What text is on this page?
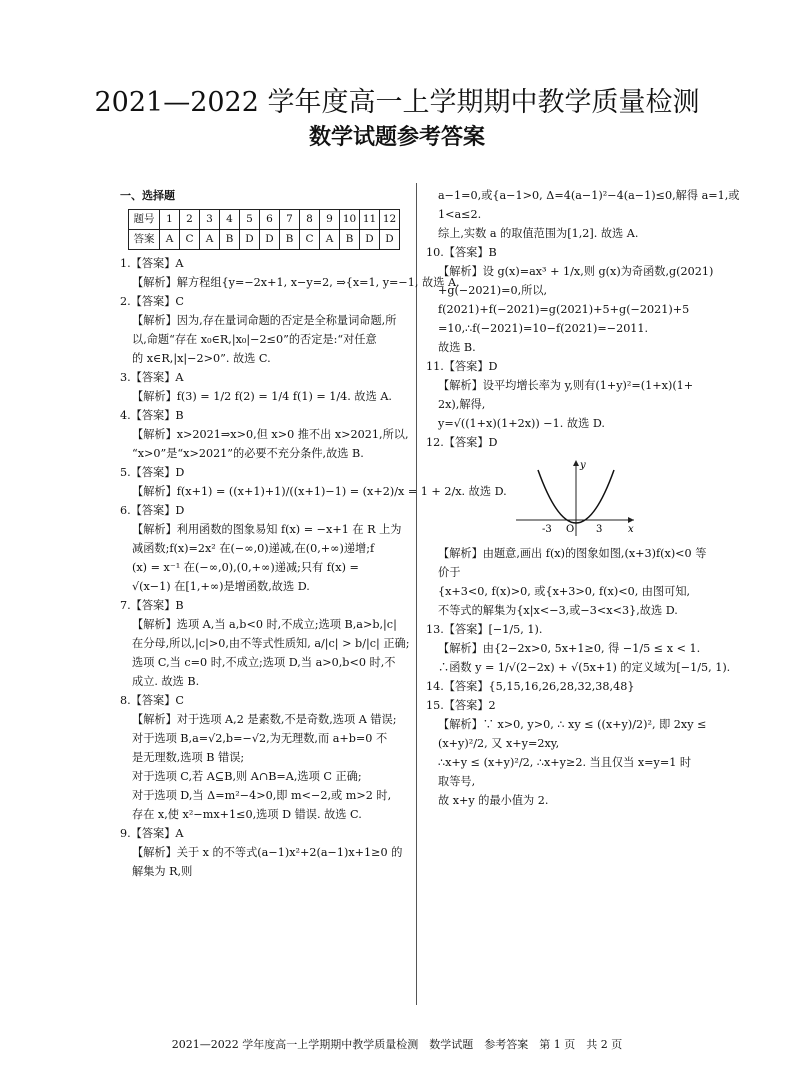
2021—2022 学年度高一上学期期中教学质量检测
数学试题参考答案
一、选择题
题号	1	2	3	4	5	6	7	8	9	10	11	12
答案	A	C	A	B	D	D	B	C	A	B	D	D
1.【答案】A
【解析】解方程组{y=−2x+1, x−y=2, ⇒{x=1, y=−1, 故选 A.
2.【答案】C
【解析】因为,存在量词命题的否定是全称量词命题,所
以,命题“存在 x₀∈R,|x₀|−2≤0”的否定是:“对任意
的 x∈R,|x|−2>0”. 故选 C.
3.【答案】A
【解析】f(3) = 1/2 f(2) = 1/4 f(1) = 1/4. 故选 A.
4.【答案】B
【解析】x>2021⇒x>0,但 x>0 推不出 x>2021,所以,
“x>0”是“x>2021”的必要不充分条件,故选 B.
5.【答案】D
【解析】f(x+1) = ((x+1)+1)/((x+1)−1) = (x+2)/x = 1 + 2/x. 故选 D.
6.【答案】D
【解析】利用函数的图象易知 f(x) = −x+1 在 R 上为
减函数;f(x)=2x² 在(−∞,0)递减,在(0,+∞)递增;f
(x) = x⁻¹ 在(−∞,0),(0,+∞)递减;只有 f(x) =
√(x−1) 在[1,+∞)是增函数,故选 D.
7.【答案】B
【解析】选项 A,当 a,b<0 时,不成立;选项 B,a>b,|c|
在分母,所以,|c|>0,由不等式性质知, a/|c| > b/|c| 正确;
选项 C,当 c=0 时,不成立;选项 D,当 a>0,b<0 时,不
成立. 故选 B.
8.【答案】C
【解析】对于选项 A,2 是素数,不是奇数,选项 A 错误;
对于选项 B,a=√2,b=−√2,为无理数,而 a+b=0 不
是无理数,选项 B 错误;
对于选项 C,若 A⊆B,则 A∩B=A,选项 C 正确;
对于选项 D,当 Δ=m²−4>0,即 m<−2,或 m>2 时,
存在 x,使 x²−mx+1≤0,选项 D 错误. 故选 C.
9.【答案】A
【解析】关于 x 的不等式(a−1)x²+2(a−1)x+1≥0 的
解集为 R,则
a−1=0,或{a−1>0, Δ=4(a−1)²−4(a−1)≤0,解得 a=1,或
1<a≤2.
综上,实数 a 的取值范围为[1,2]. 故选 A.
10.【答案】B
【解析】设 g(x)=ax³ + 1/x,则 g(x)为奇函数,g(2021)
+g(−2021)=0,所以,
f(2021)+f(−2021)=g(2021)+5+g(−2021)+5
=10,∴f(−2021)=10−f(2021)=−2011.
故选 B.
11.【答案】D
【解析】设平均增长率为 y,则有(1+y)²=(1+x)(1+
2x),解得,
y=√((1+x)(1+2x)) −1. 故选 D.
12.【答案】D
y
x
O
-3	3
【解析】由题意,画出 f(x)的图象如图,(x+3)f(x)<0 等
价于
{x+3<0, f(x)>0, 或{x+3>0, f(x)<0, 由图可知,
不等式的解集为{x|x<−3,或−3<x<3},故选 D.
13.【答案】[−1/5, 1).
【解析】由{2−2x>0, 5x+1≥0, 得 −1/5 ≤ x < 1.
∴函数 y = 1/√(2−2x) + √(5x+1) 的定义域为[−1/5, 1).
14.【答案】{5,15,16,26,28,32,38,48}
15.【答案】2
【解析】∵ x>0, y>0, ∴ xy ≤ ((x+y)/2)², 即 2xy ≤
(x+y)²/2, 又 x+y=2xy,
∴x+y ≤ (x+y)²/2, ∴x+y≥2. 当且仅当 x=y=1 时
取等号,
故 x+y 的最小值为 2.
2021—2022 学年度高一上学期期中教学质量检测　数学试题　参考答案　第 1 页　共 2 页
